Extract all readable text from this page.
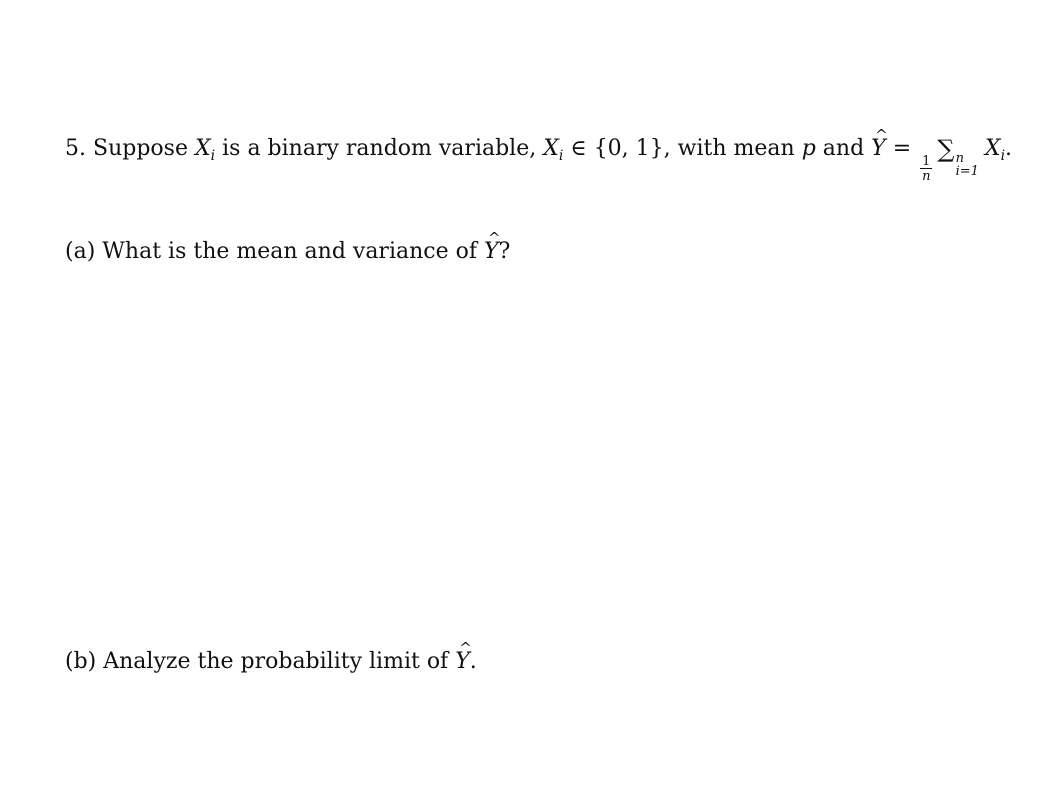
5. Suppose $X_i$ is a binary random variable, $X_i$ ∈ {0, 1}, with mean p and ^ Y =
$\frac{1}{n}$
∑ n
i=1
$X_i$.
(a) What is the mean and variance of ^ Y?
(b) Analyze the probability limit of ^ Y.
